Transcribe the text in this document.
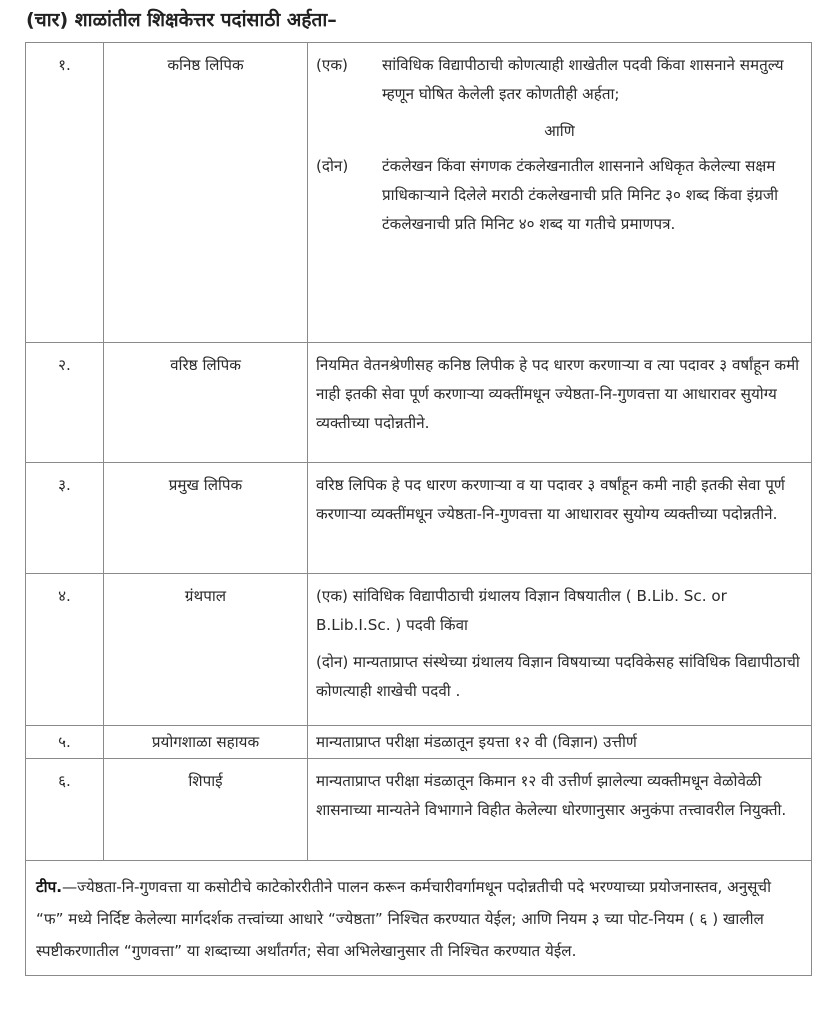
(चार) शाळांतील शिक्षकेत्तर पदांसाठी अर्हता–
१.	कनिष्ठ लिपिक	(एक) सांविधिक विद्यापीठाची कोणत्याही शाखेतील पदवी किंवा शासनाने समतुल्य म्हणून घोषित केलेली इतर कोणतीही अर्हता;
आणि
(दोन) टंकलेखन किंवा संगणक टंकलेखनातील शासनाने अधिकृत केलेल्या सक्षम प्राधिकाऱ्याने दिलेले मराठी टंकलेखनाची प्रति मिनिट ३० शब्द किंवा इंग्रजी टंकलेखनाची प्रति मिनिट ४० शब्द या गतीचे प्रमाणपत्र.

२.	वरिष्ठ लिपिक	नियमित वेतनश्रेणीसह कनिष्ठ लिपीक हे पद धारण करणाऱ्या व त्या पदावर ३ वर्षांहून कमी नाही इतकी सेवा पूर्ण करणाऱ्या व्यक्तींमधून ज्येष्ठता-नि-गुणवत्ता या आधारावर सुयोग्य व्यक्तीच्या पदोन्नतीने.
३.	प्रमुख लिपिक	वरिष्ठ लिपिक हे पद धारण करणाऱ्या व या पदावर ३ वर्षांहून कमी नाही इतकी सेवा पूर्ण करणाऱ्या व्यक्तींमधून ज्येष्ठता-नि-गुणवत्ता या आधारावर सुयोग्य व्यक्तीच्या पदोन्नतीने.
४.	ग्रंथपाल	(एक) सांविधिक विद्यापीठाची ग्रंथालय विज्ञान विषयातील ( B.Lib. Sc. or B.Lib.I.Sc. ) पदवी किंवा

(दोन) मान्यताप्राप्त संस्थेच्या ग्रंथालय विज्ञान विषयाच्या पदविकेसह सांविधिक विद्यापीठाची कोणत्याही शाखेची पदवी .

५.	प्रयोगशाळा सहायक	मान्यताप्राप्त परीक्षा मंडळातून इयत्ता १२ वी (विज्ञान) उत्तीर्ण
६.	शिपाई	मान्यताप्राप्त परीक्षा मंडळातून किमान १२ वी उत्तीर्ण झालेल्या व्यक्तीमधून वेळोवेळी शासनाच्या मान्यतेने विभागाने विहीत केलेल्या धोरणानुसार अनुकंपा तत्त्वावरील नियुक्ती.
टीप.—ज्येष्ठता-नि-गुणवत्ता या कसोटीचे काटेकोररीतीने पालन करून कर्मचारीवर्गामधून पदोन्नतीची पदे भरण्याच्या प्रयोजनास्तव, अनुसूची “फ” मध्ये निर्दिष्ट केलेल्या मार्गदर्शक तत्त्वांच्या आधारे “ज्येष्ठता” निश्चित करण्यात येईल; आणि नियम ३ च्या पोट-नियम ( ६ ) खालील स्पष्टीकरणातील “गुणवत्ता” या शब्दाच्या अर्थांतर्गत; सेवा अभिलेखानुसार ती निश्चित करण्यात येईल.		
